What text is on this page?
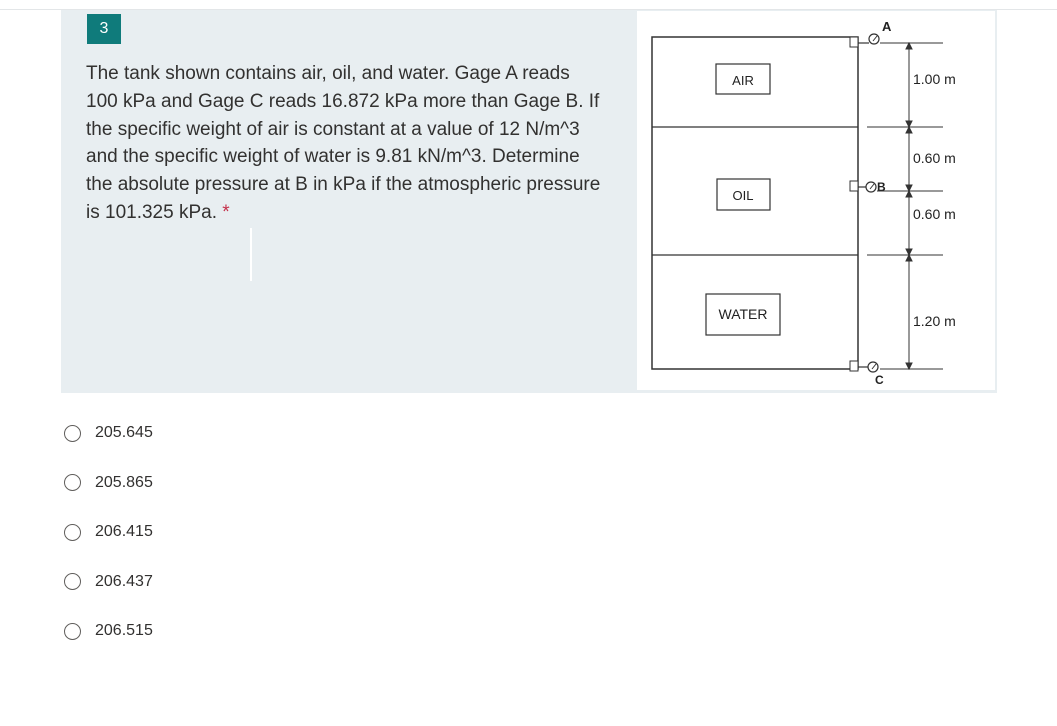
3

The tank shown contains air, oil, and water. Gage A reads 100 kPa and Gage C reads 16.872 kPa more than Gage B. If the specific weight of air is constant at a value of 12 N/m^3 and the specific weight of water is 9.81 kN/m^3. Determine the absolute pressure at B in kPa if the atmospheric pressure is 101.325 kPa. *

AIR
OIL
WATER
A
B
C
1.00 m
0.60 m
0.60 m
1.20 m
205.645
205.865
206.415
206.437
206.515
